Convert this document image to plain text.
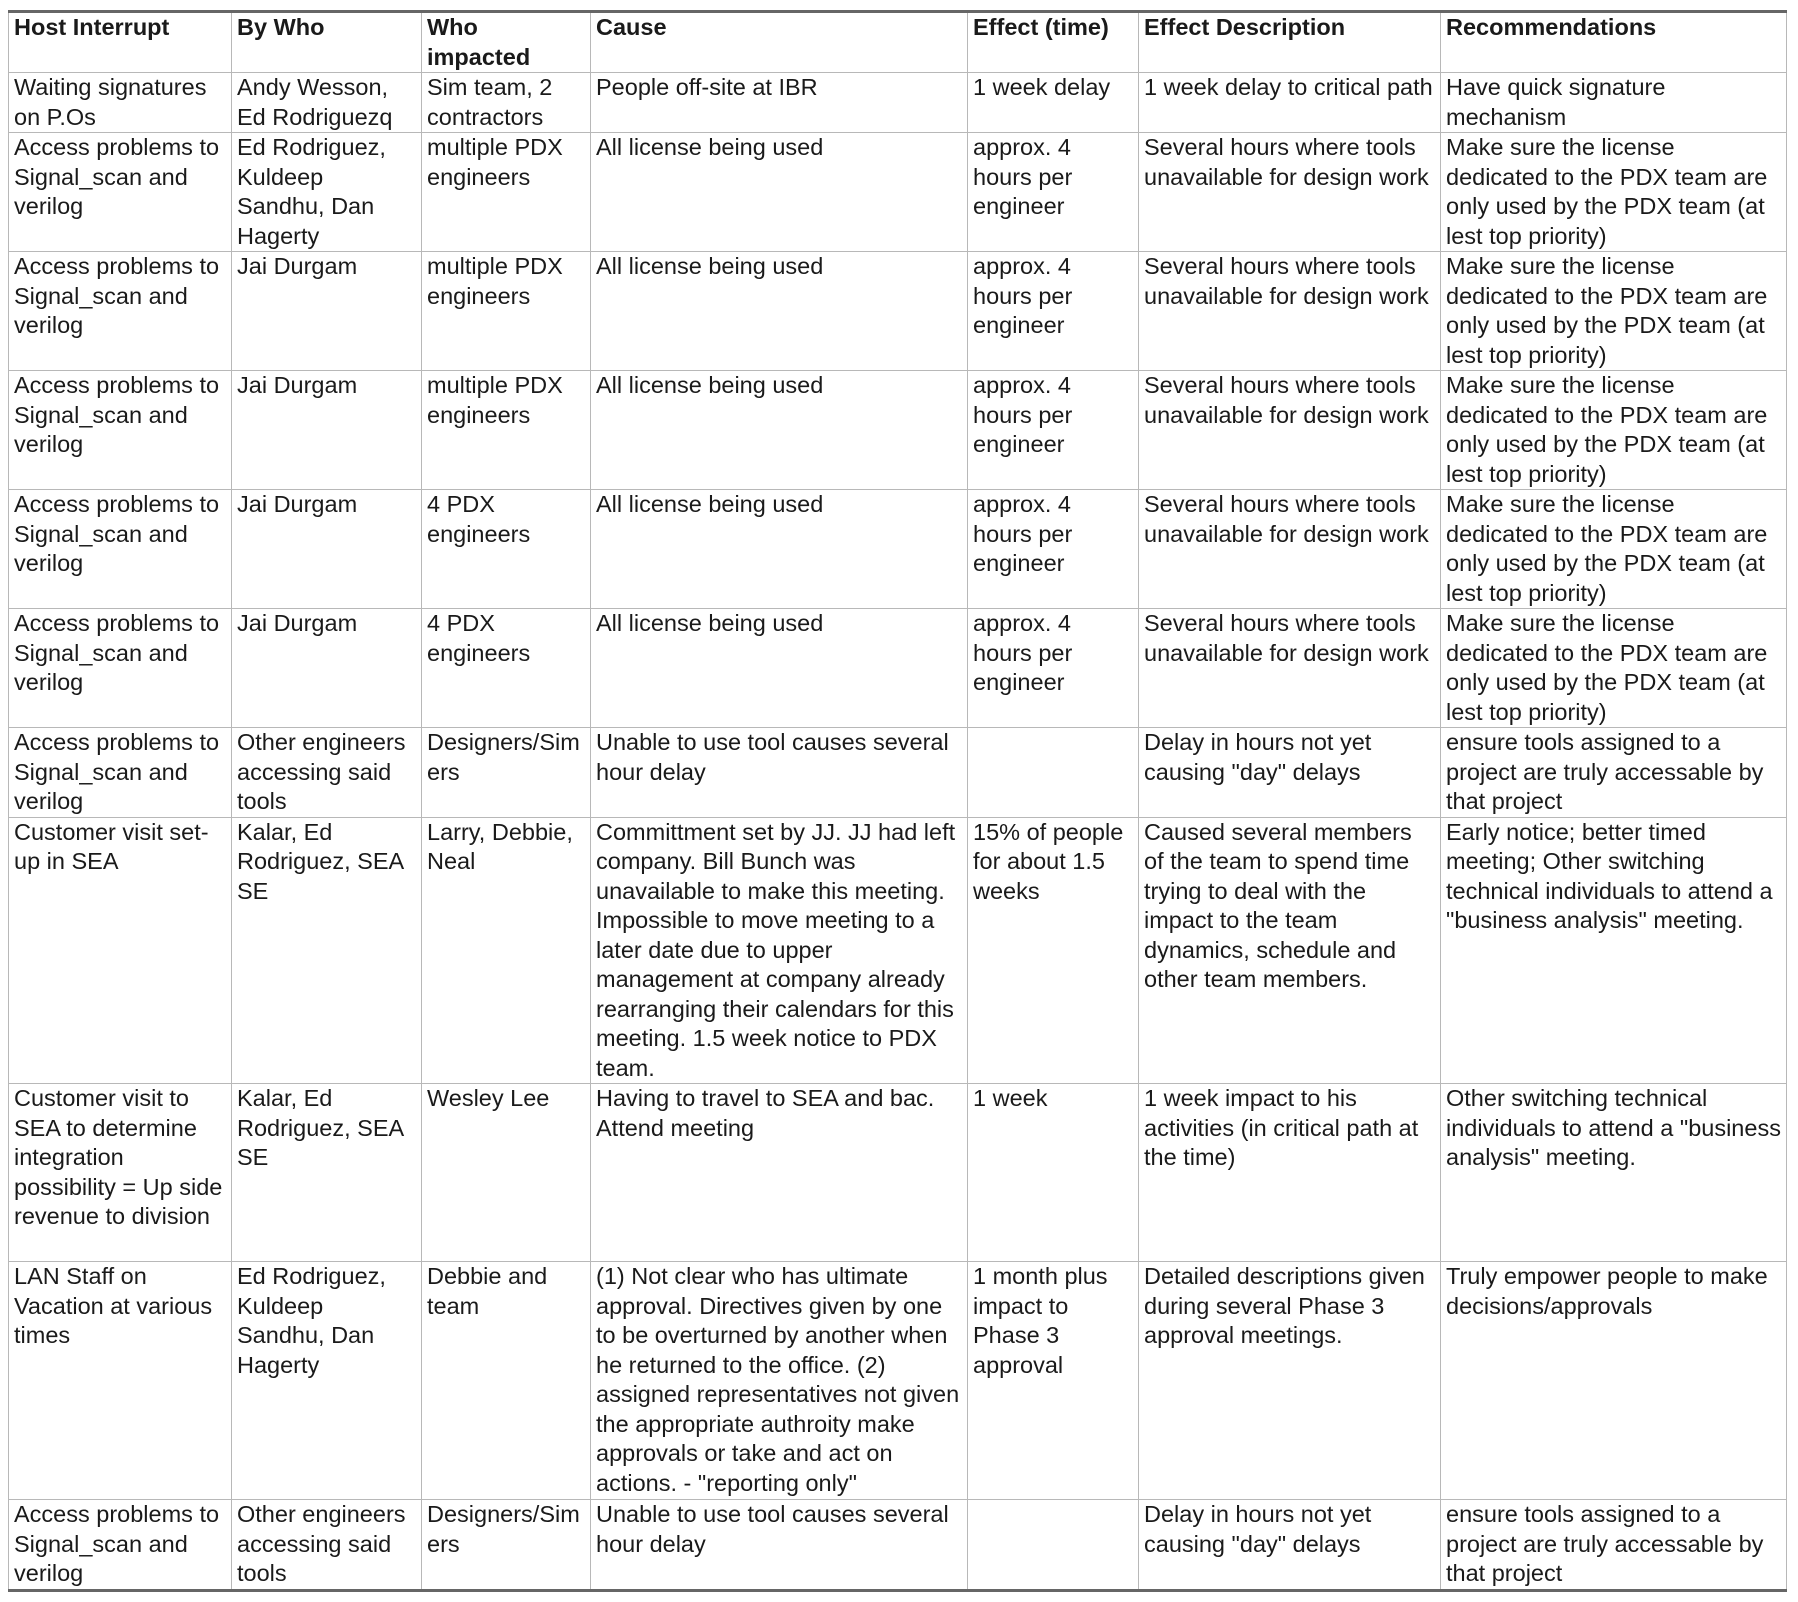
Host Interrupt	By Who	Who impacted	Cause	Effect (time)	Effect Description	Recommendations
Waiting signatures on P.Os	Andy Wesson, Ed Rodriguezq	Sim team, 2 contractors	People off-site at IBR	1 week delay	1 week delay to critical path	Have quick signature mechanism
Access problems to Signal_scan and verilog	Ed Rodriguez, Kuldeep Sandhu, Dan Hagerty	multiple PDX engineers	All license being used	approx. 4 hours per engineer	Several hours where tools unavailable for design work	Make sure the license dedicated to the PDX team are only used by the PDX team (at lest top priority)
Access problems to Signal_scan and verilog	Jai Durgam	multiple PDX engineers	All license being used	approx. 4 hours per engineer	Several hours where tools unavailable for design work	Make sure the license dedicated to the PDX team are only used by the PDX team (at lest top priority)
Access problems to Signal_scan and verilog	Jai Durgam	multiple PDX engineers	All license being used	approx. 4 hours per engineer	Several hours where tools unavailable for design work	Make sure the license dedicated to the PDX team are only used by the PDX team (at lest top priority)
Access problems to Signal_scan and verilog	Jai Durgam	4 PDX engineers	All license being used	approx. 4 hours per engineer	Several hours where tools unavailable for design work	Make sure the license dedicated to the PDX team are only used by the PDX team (at lest top priority)
Access problems to Signal_scan and verilog	Jai Durgam	4 PDX engineers	All license being used	approx. 4 hours per engineer	Several hours where tools unavailable for design work	Make sure the license dedicated to the PDX team are only used by the PDX team (at lest top priority)
Access problems to Signal_scan and verilog	Other engineers accessing said tools	Designers/Simers	Unable to use tool causes several hour delay		Delay in hours not yet causing "day" delays	ensure tools assigned to a project are truly accessable by that project
Customer visit set-up in SEA	Kalar, Ed Rodriguez, SEA SE	Larry, Debbie, Neal	Committment set by JJ. JJ had left company. Bill Bunch was unavailable to make this meeting. Impossible to move meeting to a later date due to upper management at company already rearranging their calendars for this meeting. 1.5 week notice to PDX team.	15% of people for about 1.5 weeks	Caused several members of the team to spend time trying to deal with the impact to the team dynamics, schedule and other team members.	Early notice; better timed meeting; Other switching technical individuals to attend a "business analysis" meeting.
Customer visit to SEA to determine integration possibility = Up side revenue to division	Kalar, Ed Rodriguez, SEA SE	Wesley Lee	Having to travel to SEA and bac. Attend meeting	1 week	1 week impact to his activities (in critical path at the time)	Other switching technical individuals to attend a "business analysis" meeting.
LAN Staff on Vacation at various times	Ed Rodriguez, Kuldeep Sandhu, Dan Hagerty	Debbie and team	(1) Not clear who has ultimate approval. Directives given by one to be overturned by another when he returned to the office. (2) assigned representatives not given the appropriate authroity make approvals or take and act on actions. - "reporting only"	1 month plus impact to Phase 3 approval	Detailed descriptions given during several Phase 3 approval meetings.	Truly empower people to make decisions/approvals
Access problems to Signal_scan and verilog	Other engineers accessing said tools	Designers/Simers	Unable to use tool causes several hour delay		Delay in hours not yet causing "day" delays	ensure tools assigned to a project are truly accessable by that project
